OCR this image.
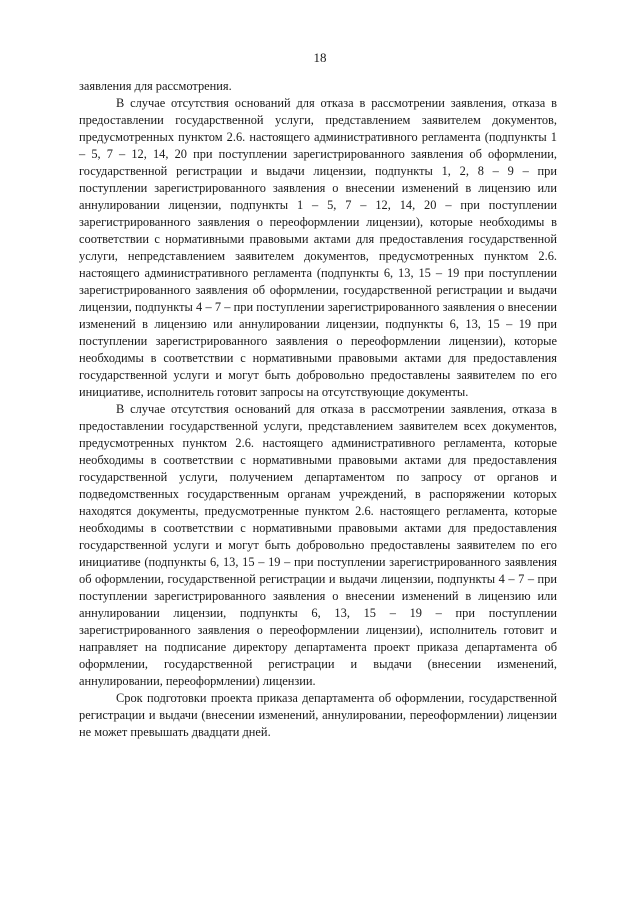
18

заявления для рассмотрения.

В случае отсутствия оснований для отказа в рассмотрении заявления, отказа в предоставлении государственной услуги, представлением заявителем документов, предусмотренных пунктом 2.6. настоящего административного регламента (подпункты 1 – 5, 7 – 12, 14, 20 при поступлении зарегистрированного заявления об оформлении, государственной регистрации и выдачи лицензии, подпункты 1, 2, 8 – 9 – при поступлении зарегистрированного заявления о внесении изменений в лицензию или аннулировании лицензии, подпункты 1 – 5, 7 – 12, 14, 20 – при поступлении зарегистрированного заявления о переоформлении лицензии), которые необходимы в соответствии с нормативными правовыми актами для предоставления государственной услуги, непредставлением заявителем документов, предусмотренных пунктом 2.6. настоящего административного регламента (подпункты 6, 13, 15 – 19 при поступлении зарегистрированного заявления об оформлении, государственной регистрации и выдачи лицензии, подпункты 4 – 7 – при поступлении зарегистрированного заявления о внесении изменений в лицензию или аннулировании лицензии, подпункты 6, 13, 15 – 19 при поступлении зарегистрированного заявления о переоформлении лицензии), которые необходимы в соответствии с нормативными правовыми актами для предоставления государственной услуги и могут быть добровольно предоставлены заявителем по его инициативе, исполнитель готовит запросы на отсутствующие документы.

В случае отсутствия оснований для отказа в рассмотрении заявления, отказа в предоставлении государственной услуги, представлением заявителем всех документов, предусмотренных пунктом 2.6. настоящего административного регламента, которые необходимы в соответствии с нормативными правовыми актами для предоставления государственной услуги, получением департаментом по запросу от органов и подведомственных государственным органам учреждений, в распоряжении которых находятся документы, предусмотренные пунктом 2.6. настоящего регламента, которые необходимы в соответствии с нормативными правовыми актами для предоставления государственной услуги и могут быть добровольно предоставлены заявителем по его инициативе (подпункты 6, 13, 15 – 19 – при поступлении зарегистрированного заявления об оформлении, государственной регистрации и выдачи лицензии, подпункты 4 – 7 – при поступлении зарегистрированного заявления о внесении изменений в лицензию или аннулировании лицензии, подпункты 6, 13, 15 – 19 – при поступлении зарегистрированного заявления о переоформлении лицензии), исполнитель готовит и направляет на подписание директору департамента проект приказа департамента об оформлении, государственной регистрации и выдачи (внесении изменений, аннулировании, переоформлении) лицензии.

Срок подготовки проекта приказа департамента об оформлении, государственной регистрации и выдачи (внесении изменений, аннулировании, переоформлении) лицензии не может превышать двадцати дней.
